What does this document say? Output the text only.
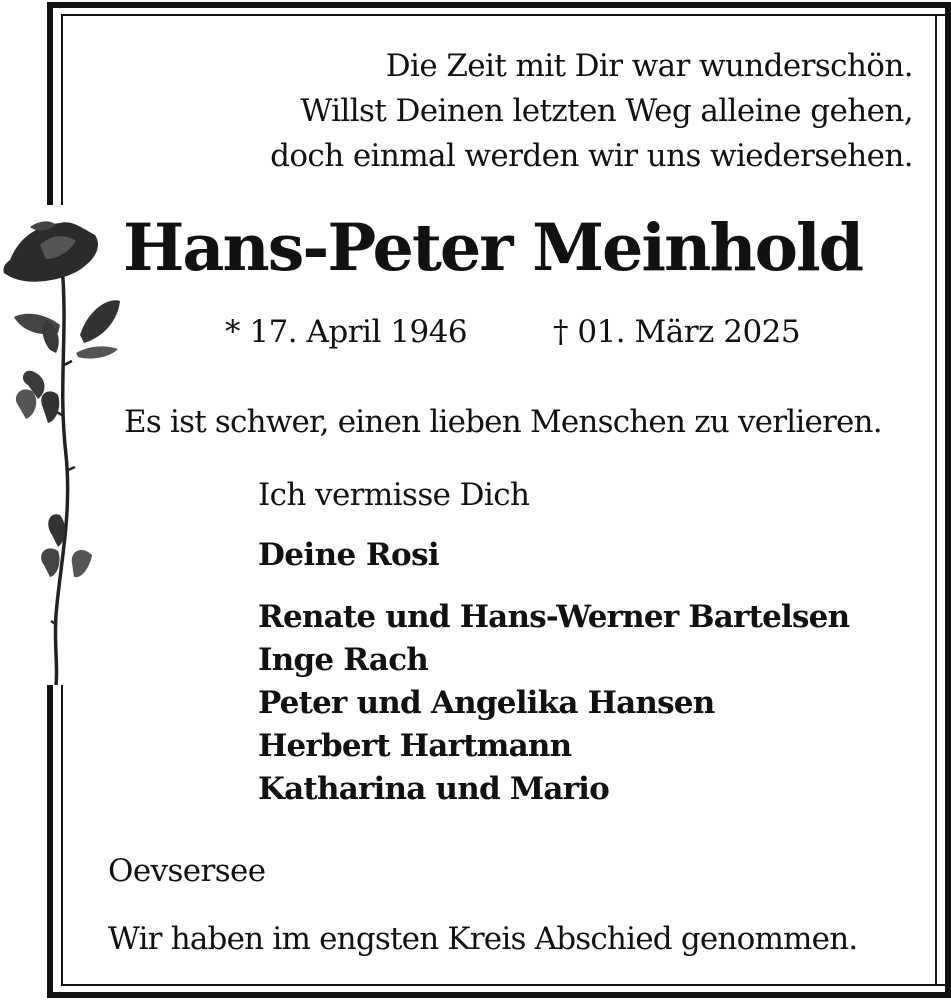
Die Zeit mit Dir war wunderschön.
Willst Deinen letzten Weg alleine gehen,
doch einmal werden wir uns wiedersehen.
Hans-Peter Meinhold
* 17. April 1946	† 01. März 2025
Es ist schwer, einen lieben Menschen zu verlieren.
Ich vermisse Dich
Deine Rosi
Renate und Hans-Werner Bartelsen
Inge Rach
Peter und Angelika Hansen
Herbert Hartmann
Katharina und Mario
Oevsersee
Wir haben im engsten Kreis Abschied genommen.
